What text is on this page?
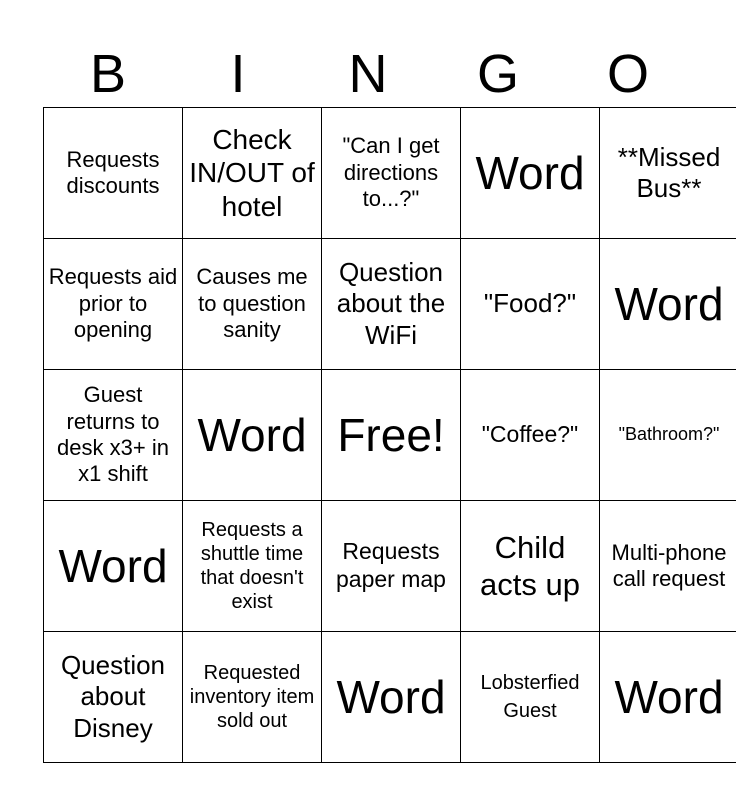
B	I	N	G	O
Requests discounts	Check IN/OUT of hotel	"Can I get directions to...?"	Word	**Missed Bus**
Requests aid prior to opening	Causes me to question sanity	Question about the WiFi	"Food?"	Word
Guest returns to desk x3+ in x1 shift	Word	Free!	"Coffee?"	"Bathroom?"
Word	Requests a shuttle time that doesn't exist	Requests paper map	Child acts up	Multi-phone call request
Question about Disney	Requested inventory item sold out	Word	Lobsterfied Guest	Word
